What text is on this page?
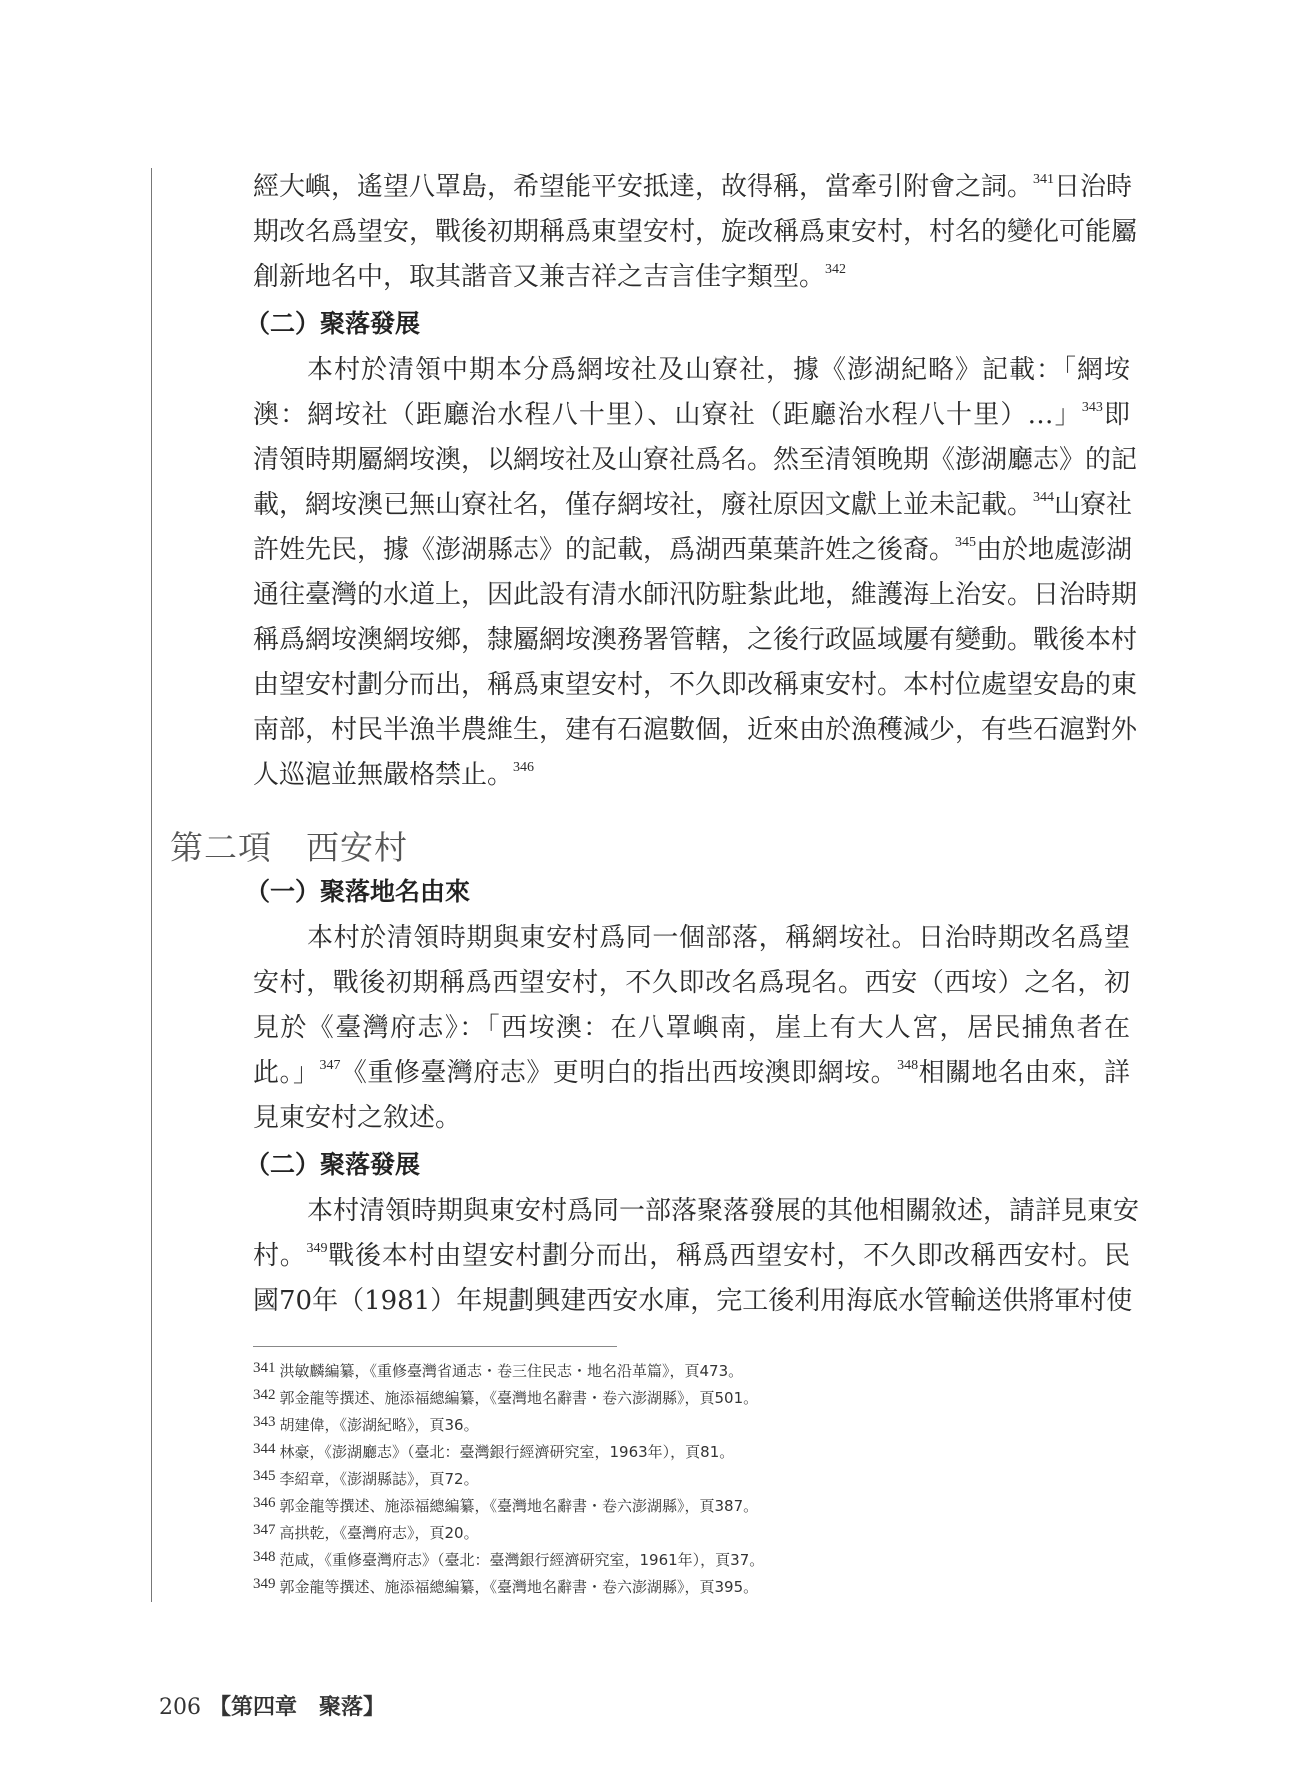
經大嶼，遙望八罩島，希望能平安抵達，故得稱，當牽引附會之詞。$^{341}$日治時
期改名爲望安，戰後初期稱爲東望安村，旋改稱爲東安村，村名的變化可能屬
創新地名中，取其諧音又兼吉祥之吉言佳字類型。$^{342}$
（二）聚落發展
本村於清領中期本分爲網垵社及山寮社，據《澎湖紀略》記載：「網垵
澳：網垵社（距廳治水程八十里）、山寮社（距廳治水程八十里）…」$^{343}$即
清領時期屬網垵澳，以網垵社及山寮社爲名。然至清領晚期《澎湖廳志》的記
載，網垵澳已無山寮社名，僅存網垵社，廢社原因文獻上並未記載。$^{344}$山寮社
許姓先民，據《澎湖縣志》的記載，爲湖西菓葉許姓之後裔。$^{345}$由於地處澎湖
通往臺灣的水道上，因此設有清水師汛防駐紮此地，維護海上治安。日治時期
稱爲網垵澳網垵鄉，隸屬網垵澳務署管轄，之後行政區域屢有變動。戰後本村
由望安村劃分而出，稱爲東望安村，不久即改稱東安村。本村位處望安島的東
南部，村民半漁半農維生，建有石滬數個，近來由於漁穫減少，有些石滬對外
人巡滬並無嚴格禁止。$^{346}$
第二項　西安村
（一）聚落地名由來
本村於清領時期與東安村爲同一個部落，稱網垵社。日治時期改名爲望
安村，戰後初期稱爲西望安村，不久即改名爲現名。西安（西垵）之名，初
見於《臺灣府志》：「西垵澳：在八罩嶼南，崖上有大人宮，居民捕魚者在
此。」$^{347}$《重修臺灣府志》更明白的指出西垵澳即網垵。$^{348}$相關地名由來，詳
見東安村之敘述。
（二）聚落發展
本村清領時期與東安村爲同一部落聚落發展的其他相關敘述，請詳見東安
村。$^{349}$戰後本村由望安村劃分而出，稱爲西望安村，不久即改稱西安村。民
國70年（1981）年規劃興建西安水庫，完工後利用海底水管輸送供將軍村使
341 洪敏麟編纂，《重修臺灣省通志・卷三住民志・地名沿革篇》，頁473。
342 郭金龍等撰述、施添福總編纂，《臺灣地名辭書・卷六澎湖縣》，頁501。
343 胡建偉，《澎湖紀略》，頁36。
344 林豪，《澎湖廳志》（臺北：臺灣銀行經濟研究室，1963年），頁81。
345 李紹章，《澎湖縣誌》，頁72。
346 郭金龍等撰述、施添福總編纂，《臺灣地名辭書・卷六澎湖縣》，頁387。
347 高拱乾，《臺灣府志》，頁20。
348 范咸，《重修臺灣府志》（臺北：臺灣銀行經濟研究室，1961年），頁37。
349 郭金龍等撰述、施添福總編纂，《臺灣地名辭書・卷六澎湖縣》，頁395。
206 【第四章　聚落】
